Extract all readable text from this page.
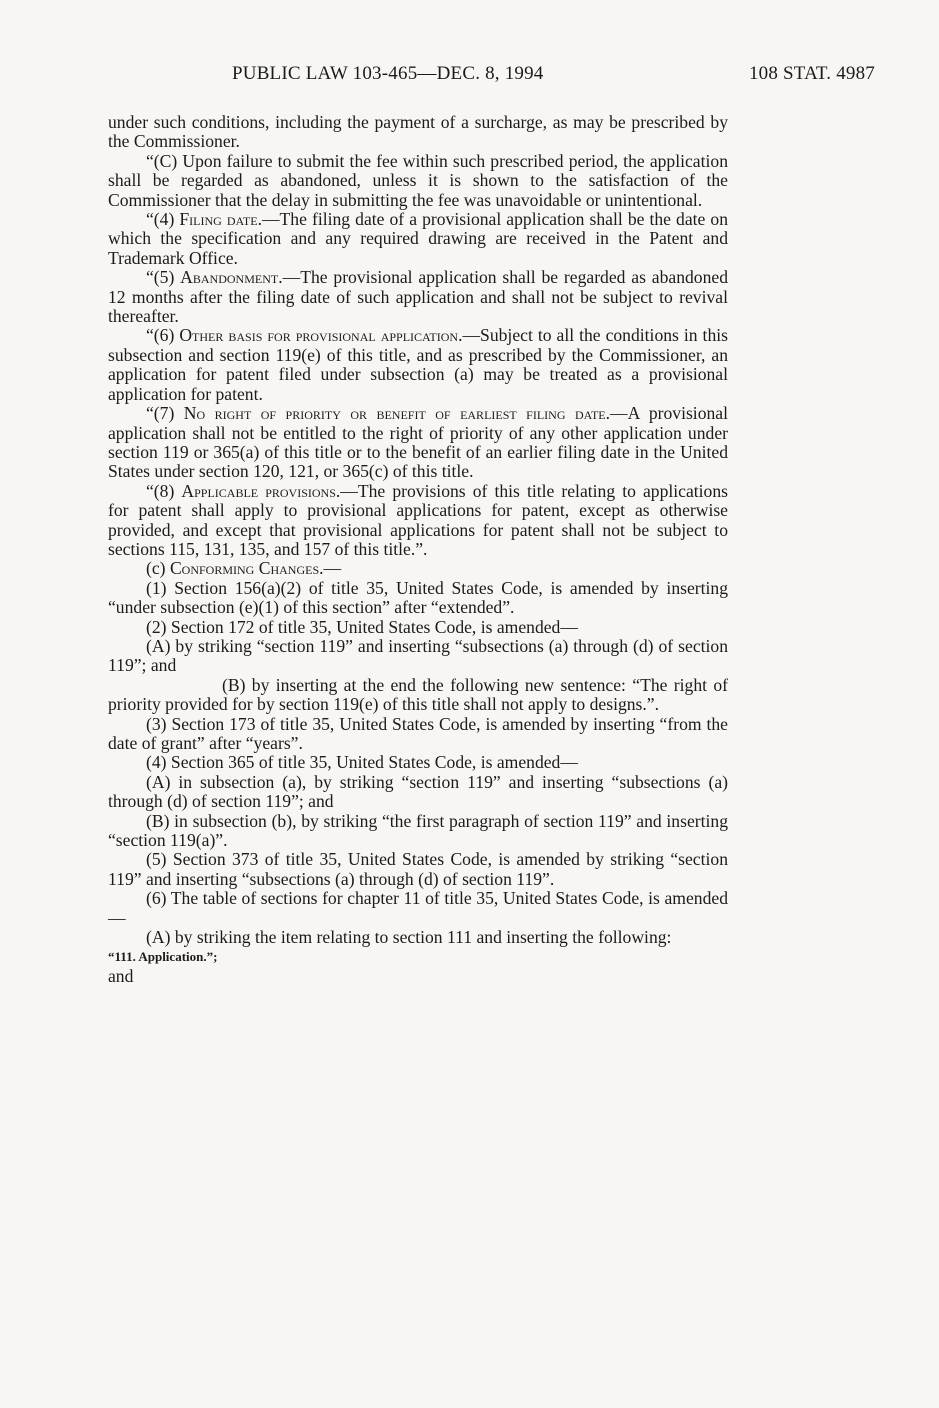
PUBLIC LAW 103-465—DEC. 8, 1994	108 STAT. 4987

under such conditions, including the payment of a surcharge, as may be prescribed by the Commissioner.

“(C) Upon failure to submit the fee within such prescribed period, the application shall be regarded as abandoned, unless it is shown to the satisfaction of the Commissioner that the delay in submitting the fee was unavoidable or unintentional.

“(4) Filing date.—The filing date of a provisional application shall be the date on which the specification and any required drawing are received in the Patent and Trademark Office.

“(5) Abandonment.—The provisional application shall be regarded as abandoned 12 months after the filing date of such application and shall not be subject to revival thereafter.

“(6) Other basis for provisional application.—Subject to all the conditions in this subsection and section 119(e) of this title, and as prescribed by the Commissioner, an application for patent filed under subsection (a) may be treated as a provisional application for patent.

“(7) No right of priority or benefit of earliest filing date.—A provisional application shall not be entitled to the right of priority of any other application under section 119 or 365(a) of this title or to the benefit of an earlier filing date in the United States under section 120, 121, or 365(c) of this title.

“(8) Applicable provisions.—The provisions of this title relating to applications for patent shall apply to provisional applications for patent, except as otherwise provided, and except that provisional applications for patent shall not be subject to sections 115, 131, 135, and 157 of this title.”.

(c) Conforming Changes.—

(1) Section 156(a)(2) of title 35, United States Code, is amended by inserting “under subsection (e)(1) of this section” after “extended”.

(2) Section 172 of title 35, United States Code, is amended—

(A) by striking “section 119” and inserting “subsections (a) through (d) of section 119”; and

(B) by inserting at the end the following new sentence: “The right of priority provided for by section 119(e) of this title shall not apply to designs.”.

(3) Section 173 of title 35, United States Code, is amended by inserting “from the date of grant” after “years”.

(4) Section 365 of title 35, United States Code, is amended—

(A) in subsection (a), by striking “section 119” and inserting “subsections (a) through (d) of section 119”; and

(B) in subsection (b), by striking “the first paragraph of section 119” and inserting “section 119(a)”.

(5) Section 373 of title 35, United States Code, is amended by striking “section 119” and inserting “subsections (a) through (d) of section 119”.

(6) The table of sections for chapter 11 of title 35, United States Code, is amended—

(A) by striking the item relating to section 111 and inserting the following:

“111. Application.”;

and
